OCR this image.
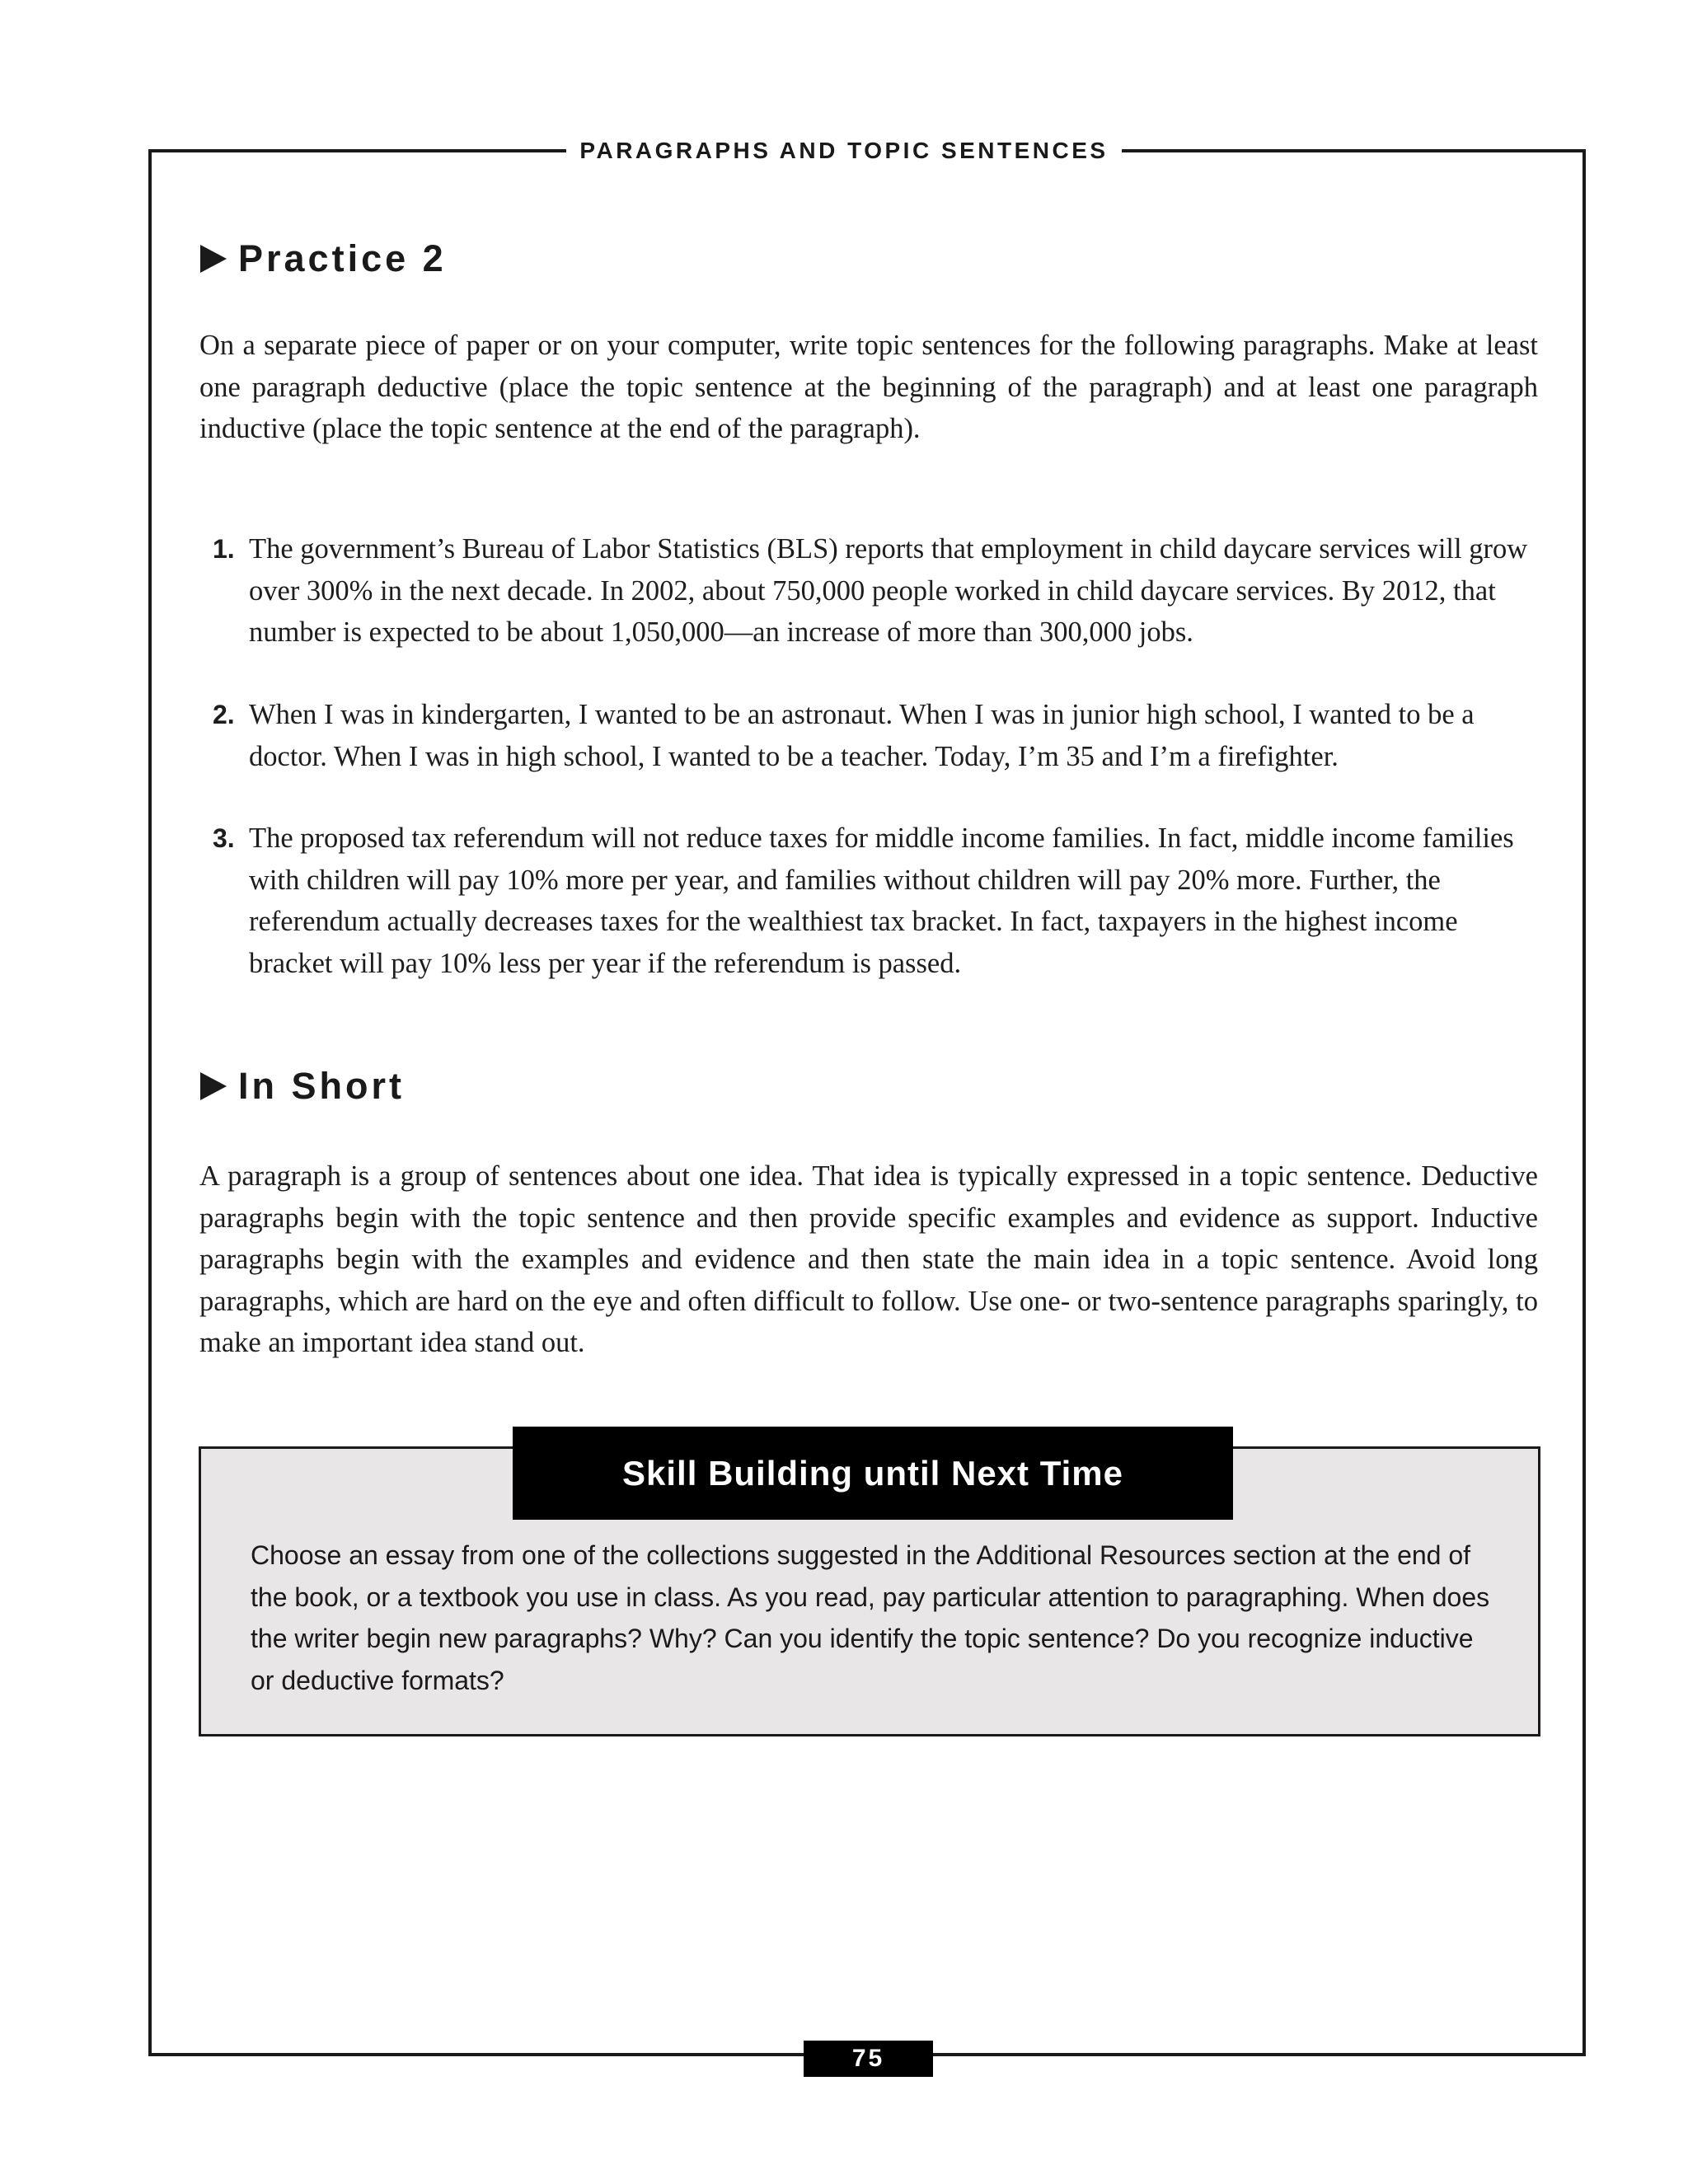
PARAGRAPHS AND TOPIC SENTENCES
Practice 2

On a separate piece of paper or on your computer, write topic sentences for the following paragraphs. Make at least one paragraph deductive (place the topic sentence at the beginning of the paragraph) and at least one paragraph inductive (place the topic sentence at the end of the paragraph).

1. The government’s Bureau of Labor Statistics (BLS) reports that employment in child daycare services will grow over 300% in the next decade. In 2002, about 750,000 people worked in child daycare services. By 2012, that number is expected to be about 1,050,000—an increase of more than 300,000 jobs.
2. When I was in kindergarten, I wanted to be an astronaut. When I was in junior high school, I wanted to be a doctor. When I was in high school, I wanted to be a teacher. Today, I’m 35 and I’m a firefighter.
3. The proposed tax referendum will not reduce taxes for middle income families. In fact, middle income families with children will pay 10% more per year, and families without children will pay 20% more. Further, the referendum actually decreases taxes for the wealthiest tax bracket. In fact, taxpayers in the highest income bracket will pay 10% less per year if the referendum is passed.
In Short

A paragraph is a group of sentences about one idea. That idea is typically expressed in a topic sentence. Deductive paragraphs begin with the topic sentence and then provide specific examples and evidence as support. Inductive paragraphs begin with the examples and evidence and then state the main idea in a topic sentence. Avoid long paragraphs, which are hard on the eye and often difficult to follow. Use one- or two-sentence paragraphs sparingly, to make an important idea stand out.

Skill Building until Next Time

Choose an essay from one of the collections suggested in the Additional Resources section at the end of the book, or a textbook you use in class. As you read, pay particular attention to paragraphing. When does the writer begin new paragraphs? Why? Can you identify the topic sentence? Do you recognize inductive or deductive formats?

75
